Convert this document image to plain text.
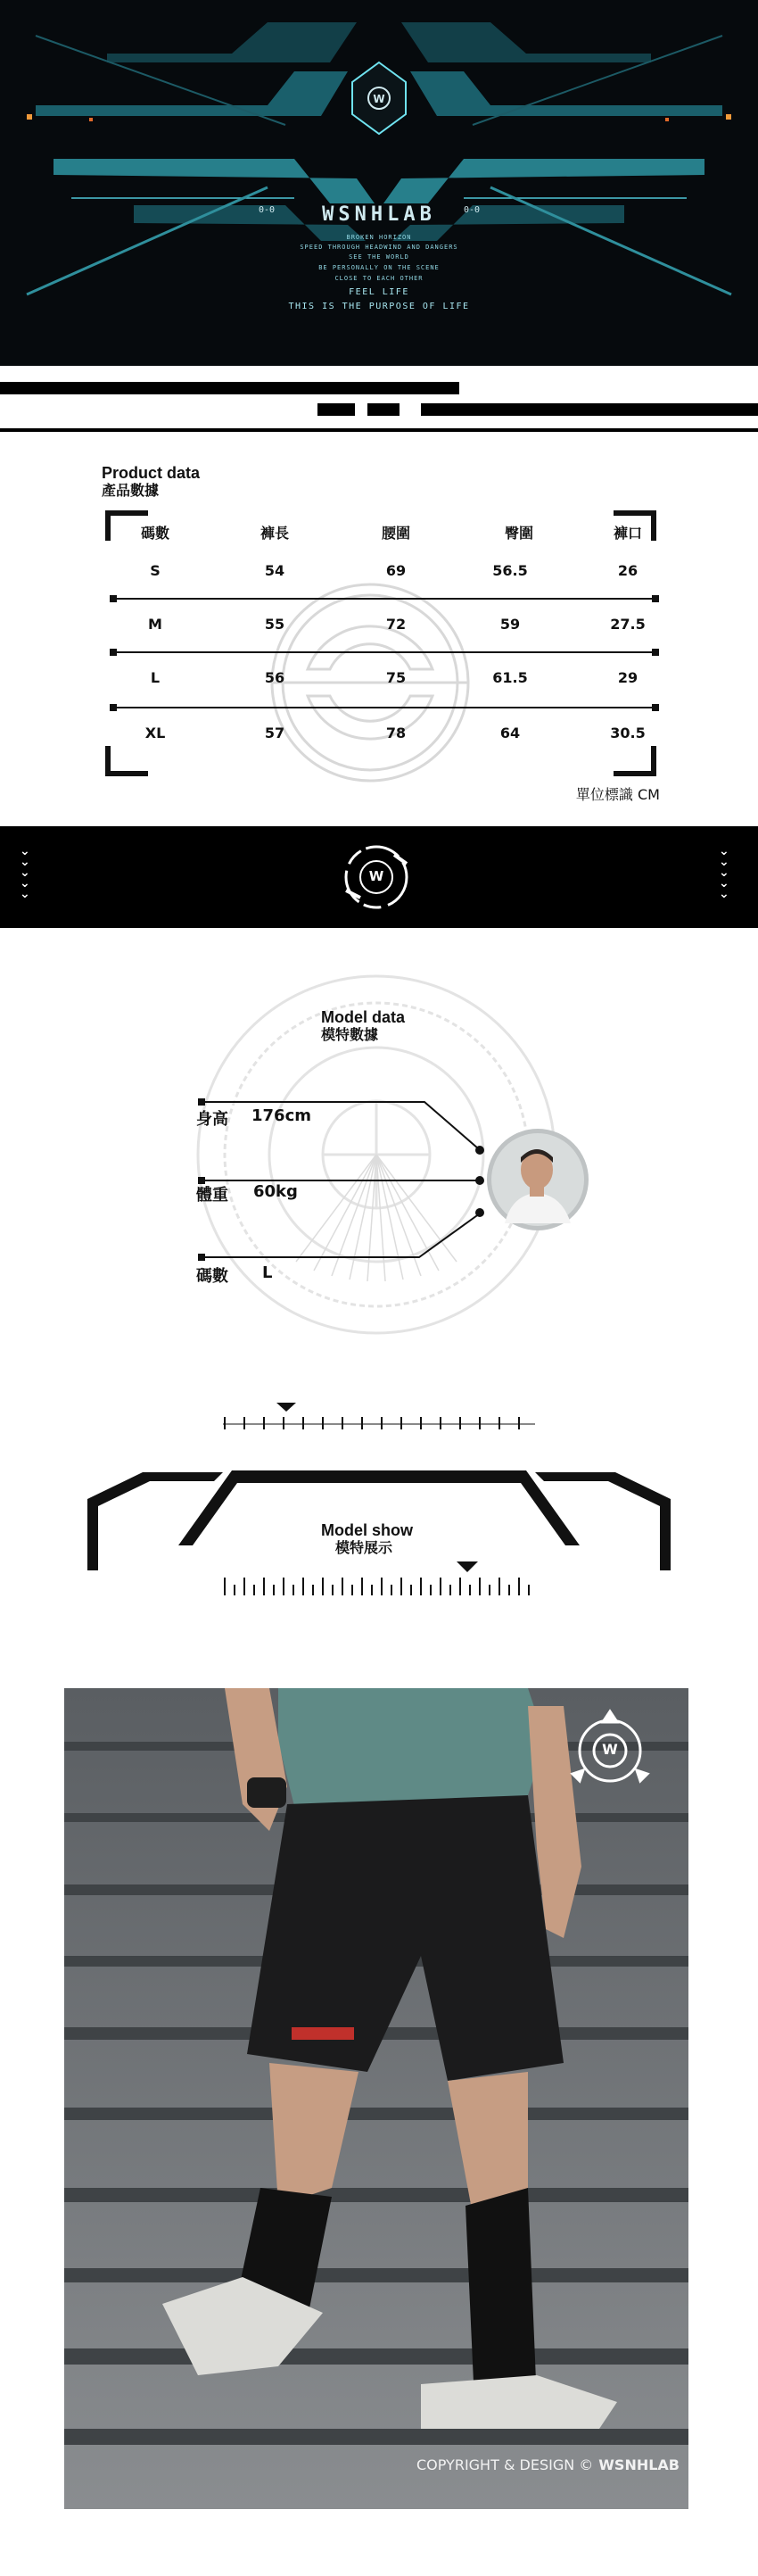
W
0-0	0-0
WSNHLAB
BROKEN HORIZON
SPEED THROUGH HEADWIND AND DANGERS
SEE THE WORLD
BE PERSONALLY ON THE SCENE
CLOSE TO EACH OTHER
FEEL LIFE
THIS IS THE PURPOSE OF LIFE
Product data
產品數據
碼數	褲長	腰圍	臀圍	褲口
S	54	69	56.5	26
M	55	72	59	27.5
L	56	75	61.5	29
XL	57	78	64	30.5
單位標識 CM
⌄
⌄
⌄
⌄
⌄
⌄
⌄
⌄
⌄
⌄
W
Model data
模特數據
身高 176cm
體重 60kg
碼數 L
Model show
模特展示
W
COPYRIGHT & DESIGN © WSNHLAB
